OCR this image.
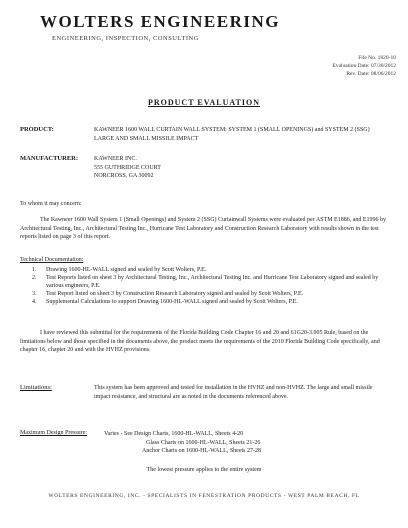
WOLTERS ENGINEERING
ENGINEERING, INSPECTION, CONSULTING
File No. 1820-10
Evaluation Date: 07/30/2012
Rev. Date: 08/06/2012
PRODUCT EVALUATION
PRODUCT:	KAWNEER 1600 WALL CURTAIN WALL SYSTEM: SYSTEM 1 (SMALL OPENINGS) and SYSTEM 2 (SSG) LARGE AND SMALL MISSILE IMPACT
MANUFACTURER:	KAWNEER INC.
555 GUTHRIDGE COURT
NORCROSS, GA 30092
To whom it may concern:
The Kawneer 1600 Wall System 1 (Small Openings) and System 2 (SSG) Curtainwall Systems were evaluated per ASTM E1886, and E1996 by Architectural Testing, Inc., Architectural Testing Inc., Hurricane Test Laboratory and Construction Research Laboratory with results shown in the test reports listed on page 3 of this report.
Technical Documentation:
1.	Drawing 1600-HL-WALL signed and sealed by Scott Wolters, P.E.
2.	Test Reports listed on sheet 3 by Architectural Testing, Inc., Architectural Testing Inc. and Hurricane Test Laboratory signed and sealed by various engineers, P.E.
3.	Test Report listed on sheet 3 by Construction Research Laboratory signed and sealed by Scott Wolters, P.E.
4.	Supplemental Calculations to support Drawing 1600-HL-WALL signed and sealed by Scott Wolters, P.E.
I have reviewed this submittal for the requirements of the Florida Building Code Chapter 16 and 20 and 61G20-3.005 Rule, based on the limitations below and those specified in the documents above, the product meets the requirements of the 2010 Florida Building Code specifically, and chapter 16, chapter 20 and with the HVHZ provisions.
Limitations:	This system has been approved and tested for installation in the HVHZ and non-HVHZ. The large and small missile impact resistance, and structural are as noted in the documents referenced above.
Maximum Design Pressure:	Varies - See Design Charts, 1600-HL-WALL, Sheets 4-20
Glass Charts on 1600-HL-WALL, Sheets 21-26
Anchor Charts on 1600-HL-WALL, Sheets 27-28
The lowest pressure applies to the entire system
WOLTERS ENGINEERING, INC. - SPECIALISTS IN FENESTRATION PRODUCTS - WEST PALM BEACH, FL
